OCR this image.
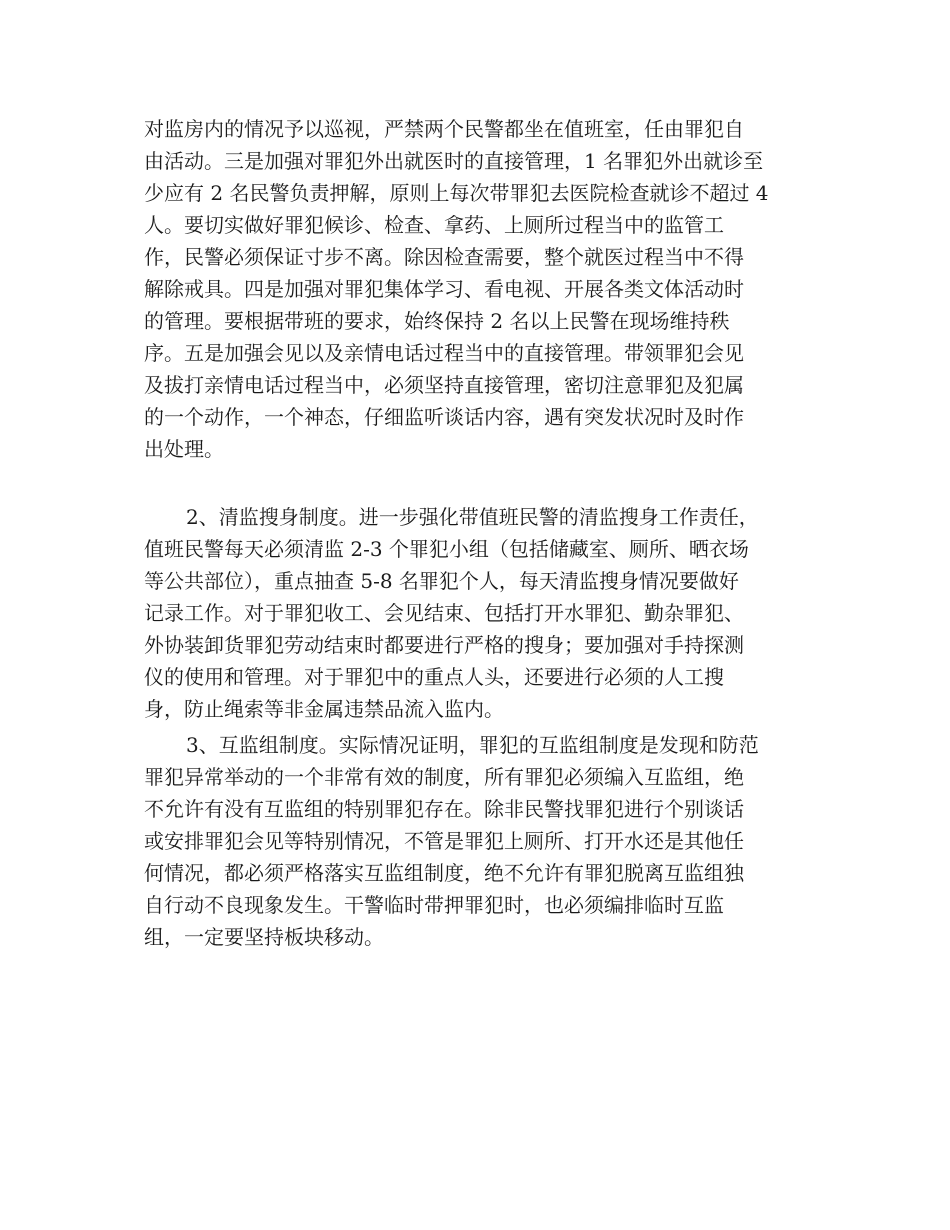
对监房内的情况予以巡视，严禁两个民警都坐在值班室，任由罪犯自
由活动。三是加强对罪犯外出就医时的直接管理，1 名罪犯外出就诊至
少应有 2 名民警负责押解，原则上每次带罪犯去医院检查就诊不超过 4
人。要切实做好罪犯候诊、检查、拿药、上厕所过程当中的监管工
作，民警必须保证寸步不离。除因检查需要，整个就医过程当中不得
解除戒具。四是加强对罪犯集体学习、看电视、开展各类文体活动时
的管理。要根据带班的要求，始终保持 2 名以上民警在现场维持秩
序。五是加强会见以及亲情电话过程当中的直接管理。带领罪犯会见
及拔打亲情电话过程当中，必须坚持直接管理，密切注意罪犯及犯属
的一个动作，一个神态，仔细监听谈话内容，遇有突发状况时及时作
出处理。
2、清监搜身制度。进一步强化带值班民警的清监搜身工作责任，
值班民警每天必须清监 2-3 个罪犯小组（包括储藏室、厕所、晒衣场
等公共部位），重点抽查 5-8 名罪犯个人，每天清监搜身情况要做好
记录工作。对于罪犯收工、会见结束、包括打开水罪犯、勤杂罪犯、
外协装卸货罪犯劳动结束时都要进行严格的搜身；要加强对手持探测
仪的使用和管理。对于罪犯中的重点人头，还要进行必须的人工搜
身，防止绳索等非金属违禁品流入监内。
3、互监组制度。实际情况证明，罪犯的互监组制度是发现和防范
罪犯异常举动的一个非常有效的制度，所有罪犯必须编入互监组，绝
不允许有没有互监组的特别罪犯存在。除非民警找罪犯进行个别谈话
或安排罪犯会见等特别情况，不管是罪犯上厕所、打开水还是其他任
何情况，都必须严格落实互监组制度，绝不允许有罪犯脱离互监组独
自行动不良现象发生。干警临时带押罪犯时，也必须编排临时互监
组，一定要坚持板块移动。
